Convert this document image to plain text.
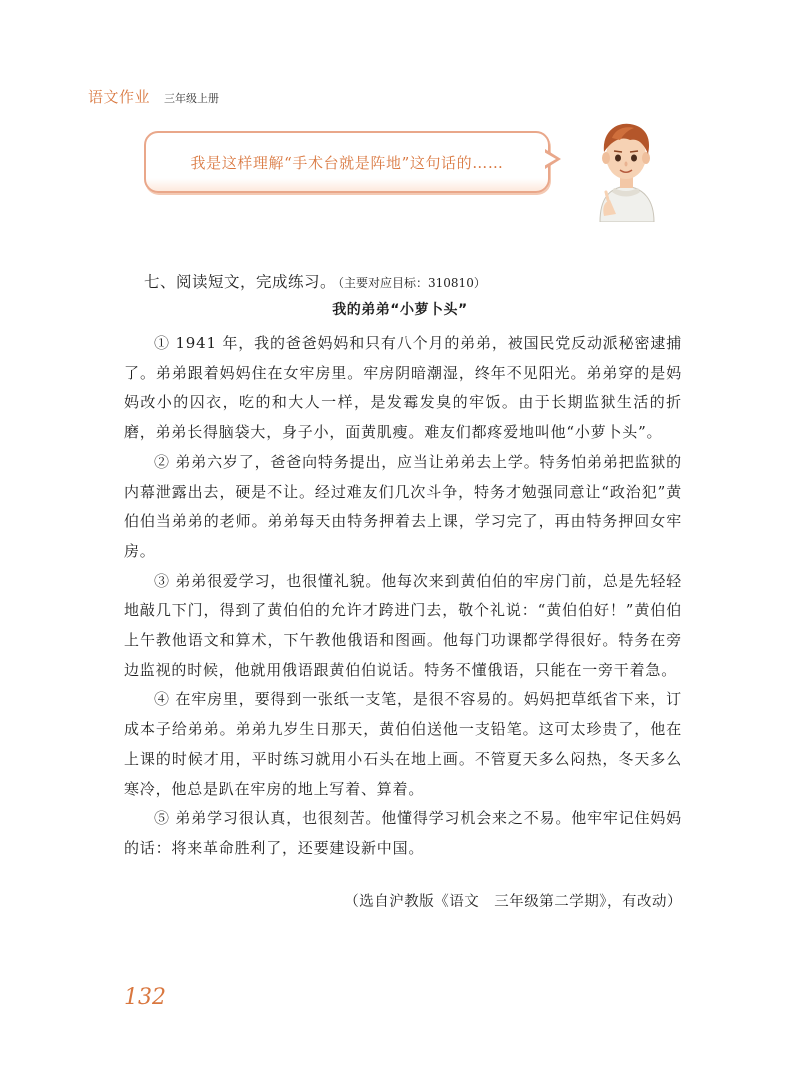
语文作业 三年级上册
我是这样理解“手术台就是阵地”这句话的……
七、阅读短文，完成练习。 （主要对应目标：310810）
我的弟弟“小萝卜头”

① 1941 年，我的爸爸妈妈和只有八个月的弟弟，被国民党反动派秘密逮捕了。弟弟跟着妈妈住在女牢房里。牢房阴暗潮湿，终年不见阳光。弟弟穿的是妈妈改小的囚衣，吃的和大人一样，是发霉发臭的牢饭。由于长期监狱生活的折磨，弟弟长得脑袋大，身子小，面黄肌瘦。难友们都疼爱地叫他“小萝卜头”。

② 弟弟六岁了，爸爸向特务提出，应当让弟弟去上学。特务怕弟弟把监狱的内幕泄露出去，硬是不让。经过难友们几次斗争，特务才勉强同意让“政治犯”黄伯伯当弟弟的老师。弟弟每天由特务押着去上课，学习完了，再由特务押回女牢房。

③ 弟弟很爱学习，也很懂礼貌。他每次来到黄伯伯的牢房门前，总是先轻轻地敲几下门，得到了黄伯伯的允许才跨进门去，敬个礼说：“黄伯伯好！”黄伯伯上午教他语文和算术，下午教他俄语和图画。他每门功课都学得很好。特务在旁边监视的时候，他就用俄语跟黄伯伯说话。特务不懂俄语，只能在一旁干着急。

④ 在牢房里，要得到一张纸一支笔，是很不容易的。妈妈把草纸省下来，订成本子给弟弟。弟弟九岁生日那天，黄伯伯送他一支铅笔。这可太珍贵了，他在上课的时候才用，平时练习就用小石头在地上画。不管夏天多么闷热，冬天多么寒冷，他总是趴在牢房的地上写着、算着。

⑤ 弟弟学习很认真，也很刻苦。他懂得学习机会来之不易。他牢牢记住妈妈的话：将来革命胜利了，还要建设新中国。

（选自沪教版《语文　三年级第二学期》，有改动）
132
